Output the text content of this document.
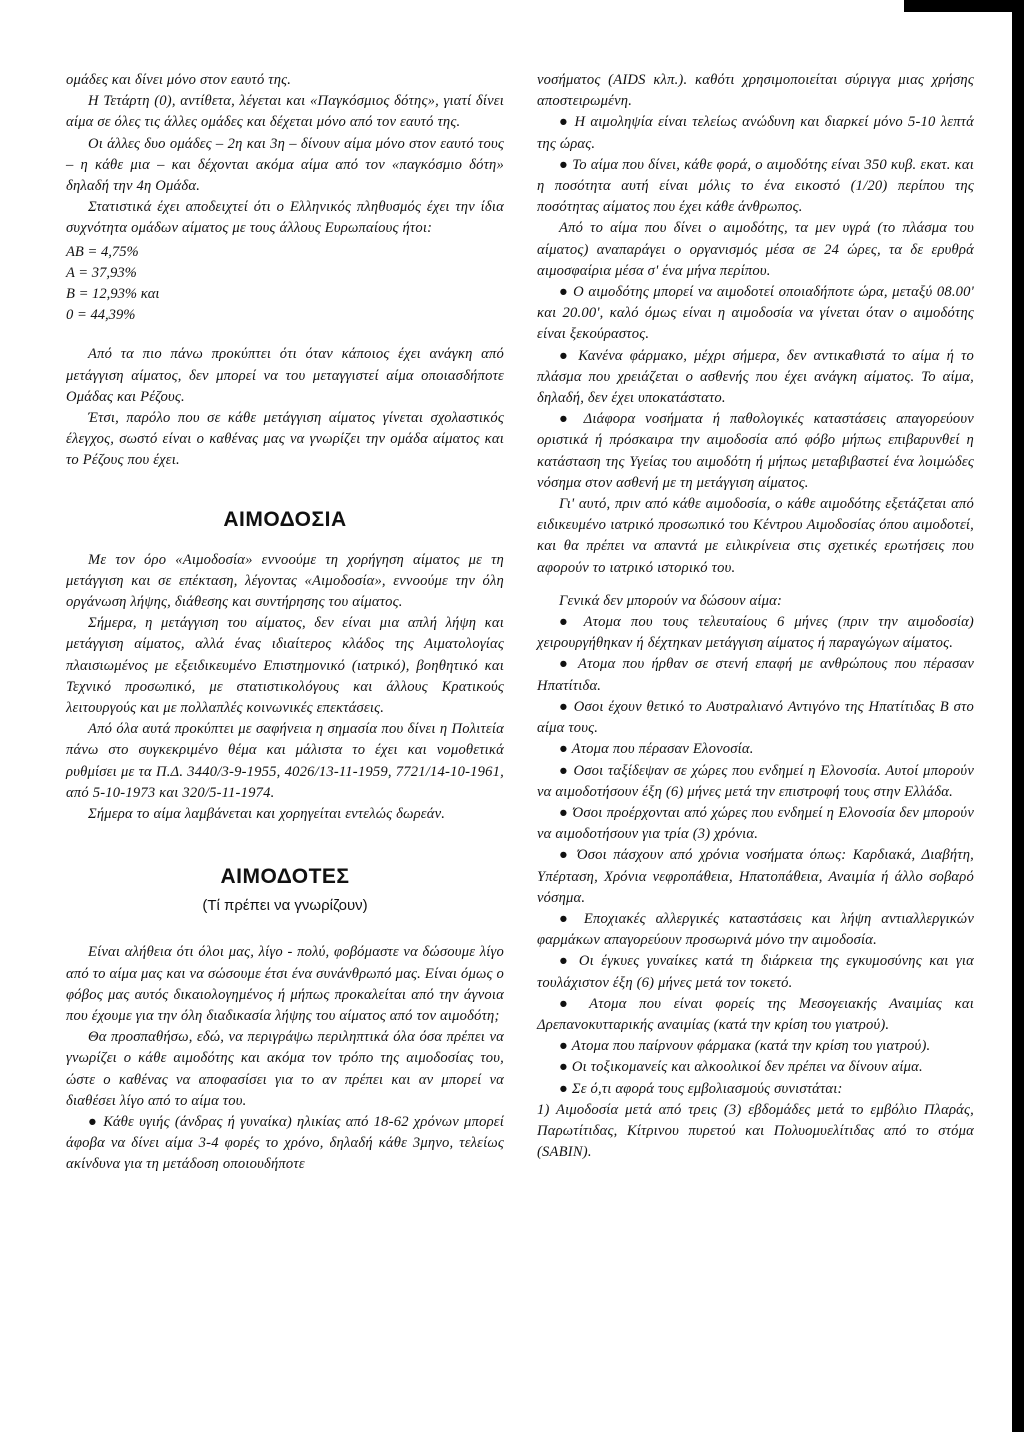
ομάδες και δίνει μόνο στον εαυτό της.

Η Τετάρτη (0), αντίθετα, λέγεται και «Παγκόσμιος δότης», γιατί δίνει αίμα σε όλες τις άλλες ομάδες και δέχεται μόνο από τον εαυτό της.

Οι άλλες δυο ομάδες – 2η και 3η – δίνουν αίμα μόνο στον εαυτό τους – η κάθε μια – και δέχονται ακόμα αίμα από τον «παγκόσμιο δότη» δηλαδή την 4η Ομάδα.

Στατιστικά έχει αποδειχτεί ότι ο Ελληνικός πληθυσμός έχει την ίδια συχνότητα ομάδων αίματος με τους άλλους Ευρωπαίους ήτοι:

ΑΒ = 4,75%
Α = 37,93%
Β = 12,93% και
0 = 44,39%

Από τα πιο πάνω προκύπτει ότι όταν κάποιος έχει ανάγκη από μετάγγιση αίματος, δεν μπορεί να του μεταγγιστεί αίμα οποιασδήποτε Ομάδας και Ρέζους.

Έτσι, παρόλο που σε κάθε μετάγγιση αίματος γίνεται σχολαστικός έλεγχος, σωστό είναι ο καθένας μας να γνωρίζει την ομάδα αίματος και το Ρέζους που έχει.

ΑΙΜΟΔΟΣΙΑ

Με τον όρο «Αιμοδοσία» εννοούμε τη χορήγηση αίματος με τη μετάγγιση και σε επέκταση, λέγοντας «Αιμοδοσία», εννοούμε την όλη οργάνωση λήψης, διάθεσης και συντήρησης του αίματος.

Σήμερα, η μετάγγιση του αίματος, δεν είναι μια απλή λήψη και μετάγγιση αίματος, αλλά ένας ιδιαίτερος κλάδος της Αιματολογίας πλαισιωμένος με εξειδικευμένο Επιστημονικό (ιατρικό), βοηθητικό και Τεχνικό προσωπικό, με στατιστικολόγους και άλλους Κρατικούς λειτουργούς και με πολλαπλές κοινωνικές επεκτάσεις.

Από όλα αυτά προκύπτει με σαφήνεια η σημασία που δίνει η Πολιτεία πάνω στο συγκεκριμένο θέμα και μάλιστα το έχει και νομοθετικά ρυθμίσει με τα Π.Δ. 3440/3-9-1955, 4026/13-11-1959, 7721/14-10-1961, από 5-10-1973 και 320/5-11-1974.

Σήμερα το αίμα λαμβάνεται και χορηγείται εντελώς δωρεάν.

ΑΙΜΟΔΟΤΕΣ
(Τί πρέπει να γνωρίζουν)

Είναι αλήθεια ότι όλοι μας, λίγο - πολύ, φοβόμαστε να δώσουμε λίγο από το αίμα μας και να σώσουμε έτσι ένα συνάνθρωπό μας. Είναι όμως ο φόβος μας αυτός δικαιολογημένος ή μήπως προκαλείται από την άγνοια που έχουμε για την όλη διαδικασία λήψης του αίματος από τον αιμοδότη;

Θα προσπαθήσω, εδώ, να περιγράψω περιληπτικά όλα όσα πρέπει να γνωρίζει ο κάθε αιμοδότης και ακόμα τον τρόπο της αιμοδοσίας του, ώστε ο καθένας να αποφασίσει για το αν πρέπει και αν μπορεί να διαθέσει λίγο από το αίμα του.

● Κάθε υγιής (άνδρας ή γυναίκα) ηλικίας από 18-62 χρόνων μπορεί άφοβα να δίνει αίμα 3-4 φορές το χρόνο, δηλαδή κάθε 3μηνο, τελείως ακίνδυνα για τη μετάδοση οποιουδήποτε

νοσήματος (AIDS κλπ.). καθότι χρησιμοποιείται σύριγγα μιας χρήσης αποστειρωμένη.

● Η αιμοληψία είναι τελείως ανώδυνη και διαρκεί μόνο 5-10 λεπτά της ώρας.

● Το αίμα που δίνει, κάθε φορά, ο αιμοδότης είναι 350 κυβ. εκατ. και η ποσότητα αυτή είναι μόλις το ένα εικοστό (1/20) περίπου της ποσότητας αίματος που έχει κάθε άνθρωπος.

Από το αίμα που δίνει ο αιμοδότης, τα μεν υγρά (το πλάσμα του αίματος) αναπαράγει ο οργανισμός μέσα σε 24 ώρες, τα δε ερυθρά αιμοσφαίρια μέσα σ' ένα μήνα περίπου.

● Ο αιμοδότης μπορεί να αιμοδοτεί οποιαδήποτε ώρα, μεταξύ 08.00' και 20.00', καλό όμως είναι η αιμοδοσία να γίνεται όταν ο αιμοδότης είναι ξεκούραστος.

● Κανένα φάρμακο, μέχρι σήμερα, δεν αντικαθιστά το αίμα ή το πλάσμα που χρειάζεται ο ασθενής που έχει ανάγκη αίματος. Το αίμα, δηλαδή, δεν έχει υποκατάστατο.

● Διάφορα νοσήματα ή παθολογικές καταστάσεις απαγορεύουν οριστικά ή πρόσκαιρα την αιμοδοσία από φόβο μήπως επιβαρυνθεί η κατάσταση της Υγείας του αιμοδότη ή μήπως μεταβιβαστεί ένα λοιμώδες νόσημα στον ασθενή με τη μετάγγιση αίματος.

Γι' αυτό, πριν από κάθε αιμοδοσία, ο κάθε αιμοδότης εξετάζεται από ειδικευμένο ιατρικό προσωπικό του Κέντρου Αιμοδοσίας όπου αιμοδοτεί, και θα πρέπει να απαντά με ειλικρίνεια στις σχετικές ερωτήσεις που αφορούν το ιατρικό ιστορικό του.

Γενικά δεν μπορούν να δώσουν αίμα:

● Ατομα που τους τελευταίους 6 μήνες (πριν την αιμοδοσία) χειρουργήθηκαν ή δέχτηκαν μετάγγιση αίματος ή παραγώγων αίματος.

● Ατομα που ήρθαν σε στενή επαφή με ανθρώπους που πέρασαν Ηπατίτιδα.

● Οσοι έχουν θετικό το Αυστραλιανό Αντιγόνο της Ηπατίτιδας Β στο αίμα τους.

● Ατομα που πέρασαν Ελονοσία.

● Οσοι ταξίδεψαν σε χώρες που ενδημεί η Ελονοσία. Αυτοί μπορούν να αιμοδοτήσουν έξη (6) μήνες μετά την επιστροφή τους στην Ελλάδα.

● Όσοι προέρχονται από χώρες που ενδημεί η Ελονοσία δεν μπορούν να αιμοδοτήσουν για τρία (3) χρόνια.

● Όσοι πάσχουν από χρόνια νοσήματα όπως: Καρδιακά, Διαβήτη, Υπέρταση, Χρόνια νεφροπάθεια, Ηπατοπάθεια, Αναιμία ή άλλο σοβαρό νόσημα.

● Εποχιακές αλλεργικές καταστάσεις και λήψη αντιαλλεργικών φαρμάκων απαγορεύουν προσωρινά μόνο την αιμοδοσία.

● Οι έγκυες γυναίκες κατά τη διάρκεια της εγκυμοσύνης και για τουλάχιστον έξη (6) μήνες μετά τον τοκετό.

● Ατομα που είναι φορείς της Μεσογειακής Αναιμίας και Δρεπανοκυτταρικής αναιμίας (κατά την κρίση του γιατρού).

● Ατομα που παίρνουν φάρμακα (κατά την κρίση του γιατρού).

● Οι τοξικομανείς και αλκοολικοί δεν πρέπει να δίνουν αίμα.

● Σε ό,τι αφορά τους εμβολιασμούς συνιστάται:

1) Αιμοδοσία μετά από τρεις (3) εβδομάδες μετά το εμβόλιο Πλαράς, Παρωτίτιδας, Κίτρινου πυρετού και Πολυομυελίτιδας από το στόμα (SABIN).
